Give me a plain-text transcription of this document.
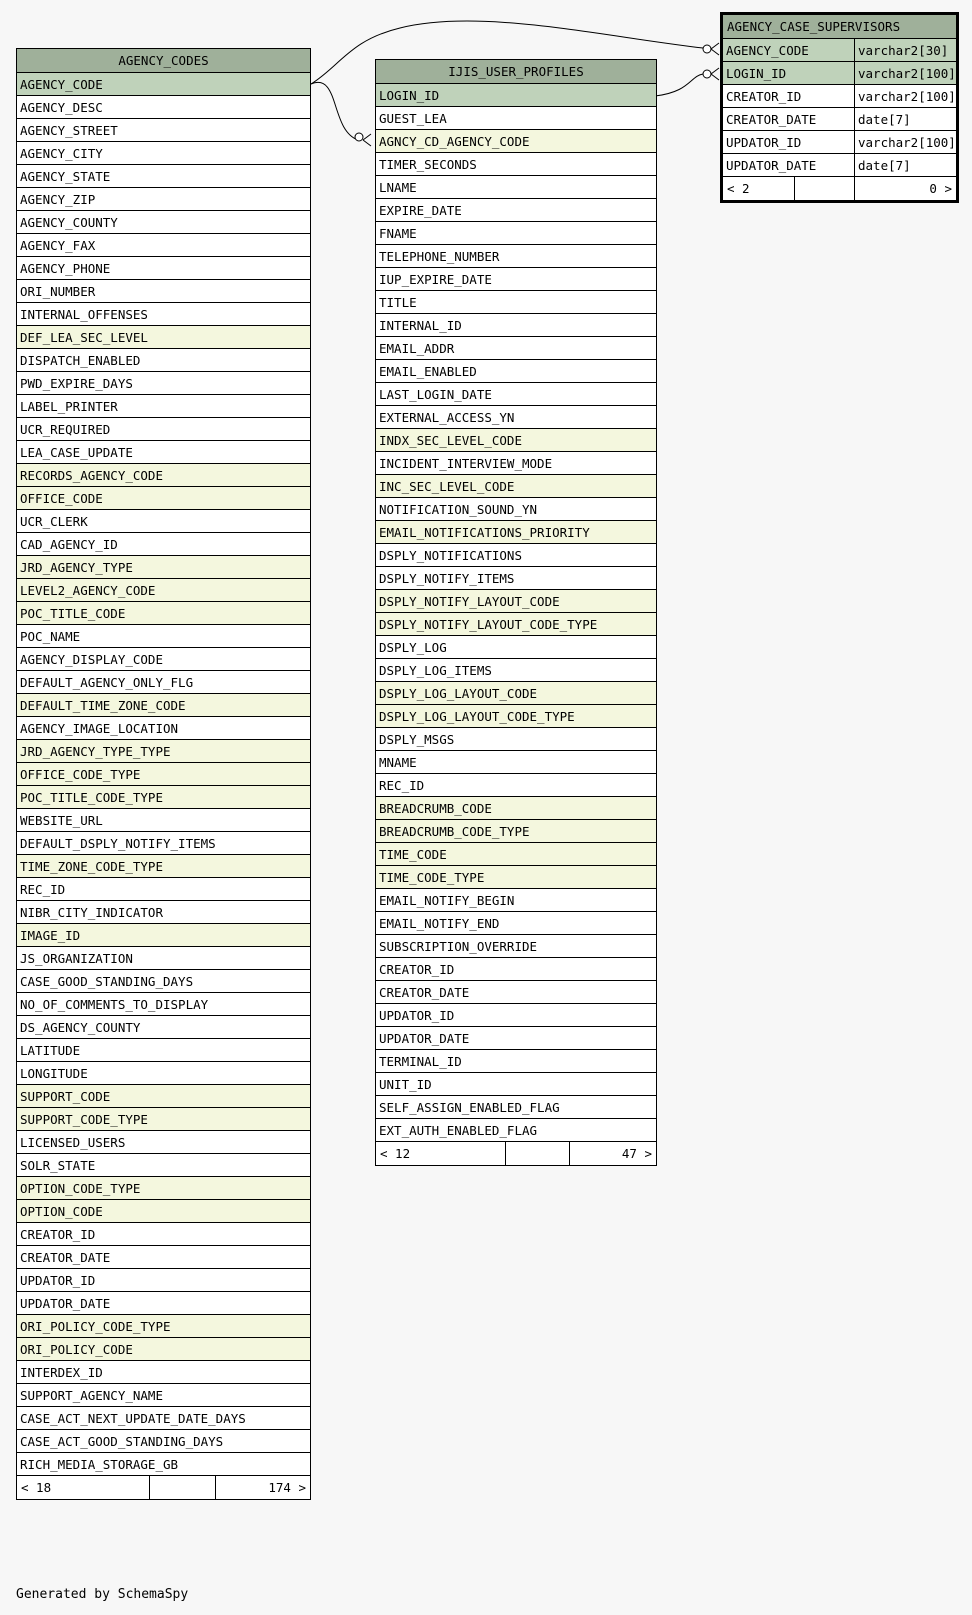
AGENCY_CODES
AGENCY_CODE
AGENCY_DESC
AGENCY_STREET
AGENCY_CITY
AGENCY_STATE
AGENCY_ZIP
AGENCY_COUNTY
AGENCY_FAX
AGENCY_PHONE
ORI_NUMBER
INTERNAL_OFFENSES
DEF_LEA_SEC_LEVEL
DISPATCH_ENABLED
PWD_EXPIRE_DAYS
LABEL_PRINTER
UCR_REQUIRED
LEA_CASE_UPDATE
RECORDS_AGENCY_CODE
OFFICE_CODE
UCR_CLERK
CAD_AGENCY_ID
JRD_AGENCY_TYPE
LEVEL2_AGENCY_CODE
POC_TITLE_CODE
POC_NAME
AGENCY_DISPLAY_CODE
DEFAULT_AGENCY_ONLY_FLG
DEFAULT_TIME_ZONE_CODE
AGENCY_IMAGE_LOCATION
JRD_AGENCY_TYPE_TYPE
OFFICE_CODE_TYPE
POC_TITLE_CODE_TYPE
WEBSITE_URL
DEFAULT_DSPLY_NOTIFY_ITEMS
TIME_ZONE_CODE_TYPE
REC_ID
NIBR_CITY_INDICATOR
IMAGE_ID
JS_ORGANIZATION
CASE_GOOD_STANDING_DAYS
NO_OF_COMMENTS_TO_DISPLAY
DS_AGENCY_COUNTY
LATITUDE
LONGITUDE
SUPPORT_CODE
SUPPORT_CODE_TYPE
LICENSED_USERS
SOLR_STATE
OPTION_CODE_TYPE
OPTION_CODE
CREATOR_ID
CREATOR_DATE
UPDATOR_ID
UPDATOR_DATE
ORI_POLICY_CODE_TYPE
ORI_POLICY_CODE
INTERDEX_ID
SUPPORT_AGENCY_NAME
CASE_ACT_NEXT_UPDATE_DATE_DAYS
CASE_ACT_GOOD_STANDING_DAYS
RICH_MEDIA_STORAGE_GB
< 18	174 >
IJIS_USER_PROFILES
LOGIN_ID
GUEST_LEA
AGNCY_CD_AGENCY_CODE
TIMER_SECONDS
LNAME
EXPIRE_DATE
FNAME
TELEPHONE_NUMBER
IUP_EXPIRE_DATE
TITLE
INTERNAL_ID
EMAIL_ADDR
EMAIL_ENABLED
LAST_LOGIN_DATE
EXTERNAL_ACCESS_YN
INDX_SEC_LEVEL_CODE
INCIDENT_INTERVIEW_MODE
INC_SEC_LEVEL_CODE
NOTIFICATION_SOUND_YN
EMAIL_NOTIFICATIONS_PRIORITY
DSPLY_NOTIFICATIONS
DSPLY_NOTIFY_ITEMS
DSPLY_NOTIFY_LAYOUT_CODE
DSPLY_NOTIFY_LAYOUT_CODE_TYPE
DSPLY_LOG
DSPLY_LOG_ITEMS
DSPLY_LOG_LAYOUT_CODE
DSPLY_LOG_LAYOUT_CODE_TYPE
DSPLY_MSGS
MNAME
REC_ID
BREADCRUMB_CODE
BREADCRUMB_CODE_TYPE
TIME_CODE
TIME_CODE_TYPE
EMAIL_NOTIFY_BEGIN
EMAIL_NOTIFY_END
SUBSCRIPTION_OVERRIDE
CREATOR_ID
CREATOR_DATE
UPDATOR_ID
UPDATOR_DATE
TERMINAL_ID
UNIT_ID
SELF_ASSIGN_ENABLED_FLAG
EXT_AUTH_ENABLED_FLAG
< 12	47 >
AGENCY_CASE_SUPERVISORS
AGENCY_CODE	varchar2[30]
LOGIN_ID	varchar2[100]
CREATOR_ID	varchar2[100]
CREATOR_DATE	date[7]
UPDATOR_ID	varchar2[100]
UPDATOR_DATE	date[7]
< 2	0 >
Generated by SchemaSpy
